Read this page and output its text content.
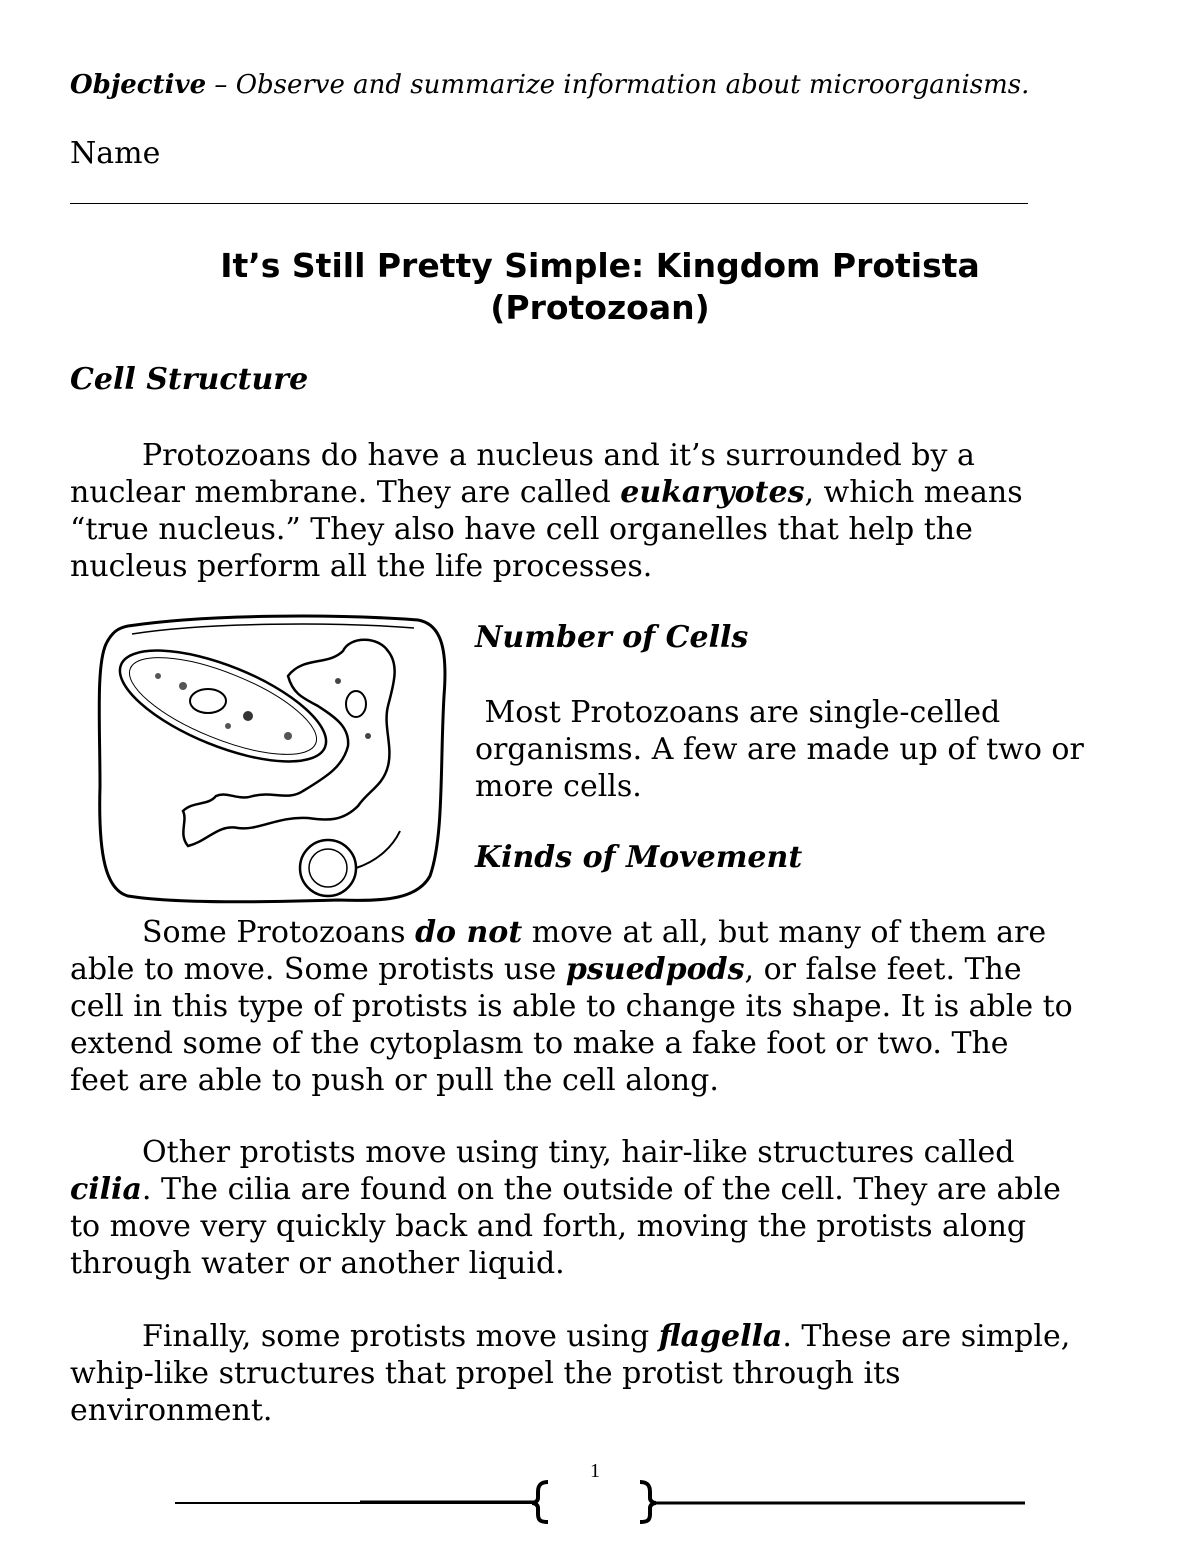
Objective – Observe and summarize information about microorganisms.
Name
It’s Still Pretty Simple: Kingdom Protista
(Protozoan)
Cell Structure
Protozoans do have a nucleus and it’s surrounded by a
nuclear membrane. They are called eukaryotes, which means
“true nucleus.” They also have cell organelles that help the
nucleus perform all the life processes.
Number of Cells
Most Protozoans are single-celled
organisms. A few are made up of two or
more cells.
Kinds of Movement
Some Protozoans do not move at all, but many of them are
able to move. Some protists use psuedpods, or false feet. The
cell in this type of protists is able to change its shape. It is able to
extend some of the cytoplasm to make a fake foot or two. The
feet are able to push or pull the cell along.
Other protists move using tiny, hair-like structures called
cilia. The cilia are found on the outside of the cell. They are able
to move very quickly back and forth, moving the protists along
through water or another liquid.
Finally, some protists move using flagella. These are simple,
whip-like structures that propel the protist through its
environment.
1
